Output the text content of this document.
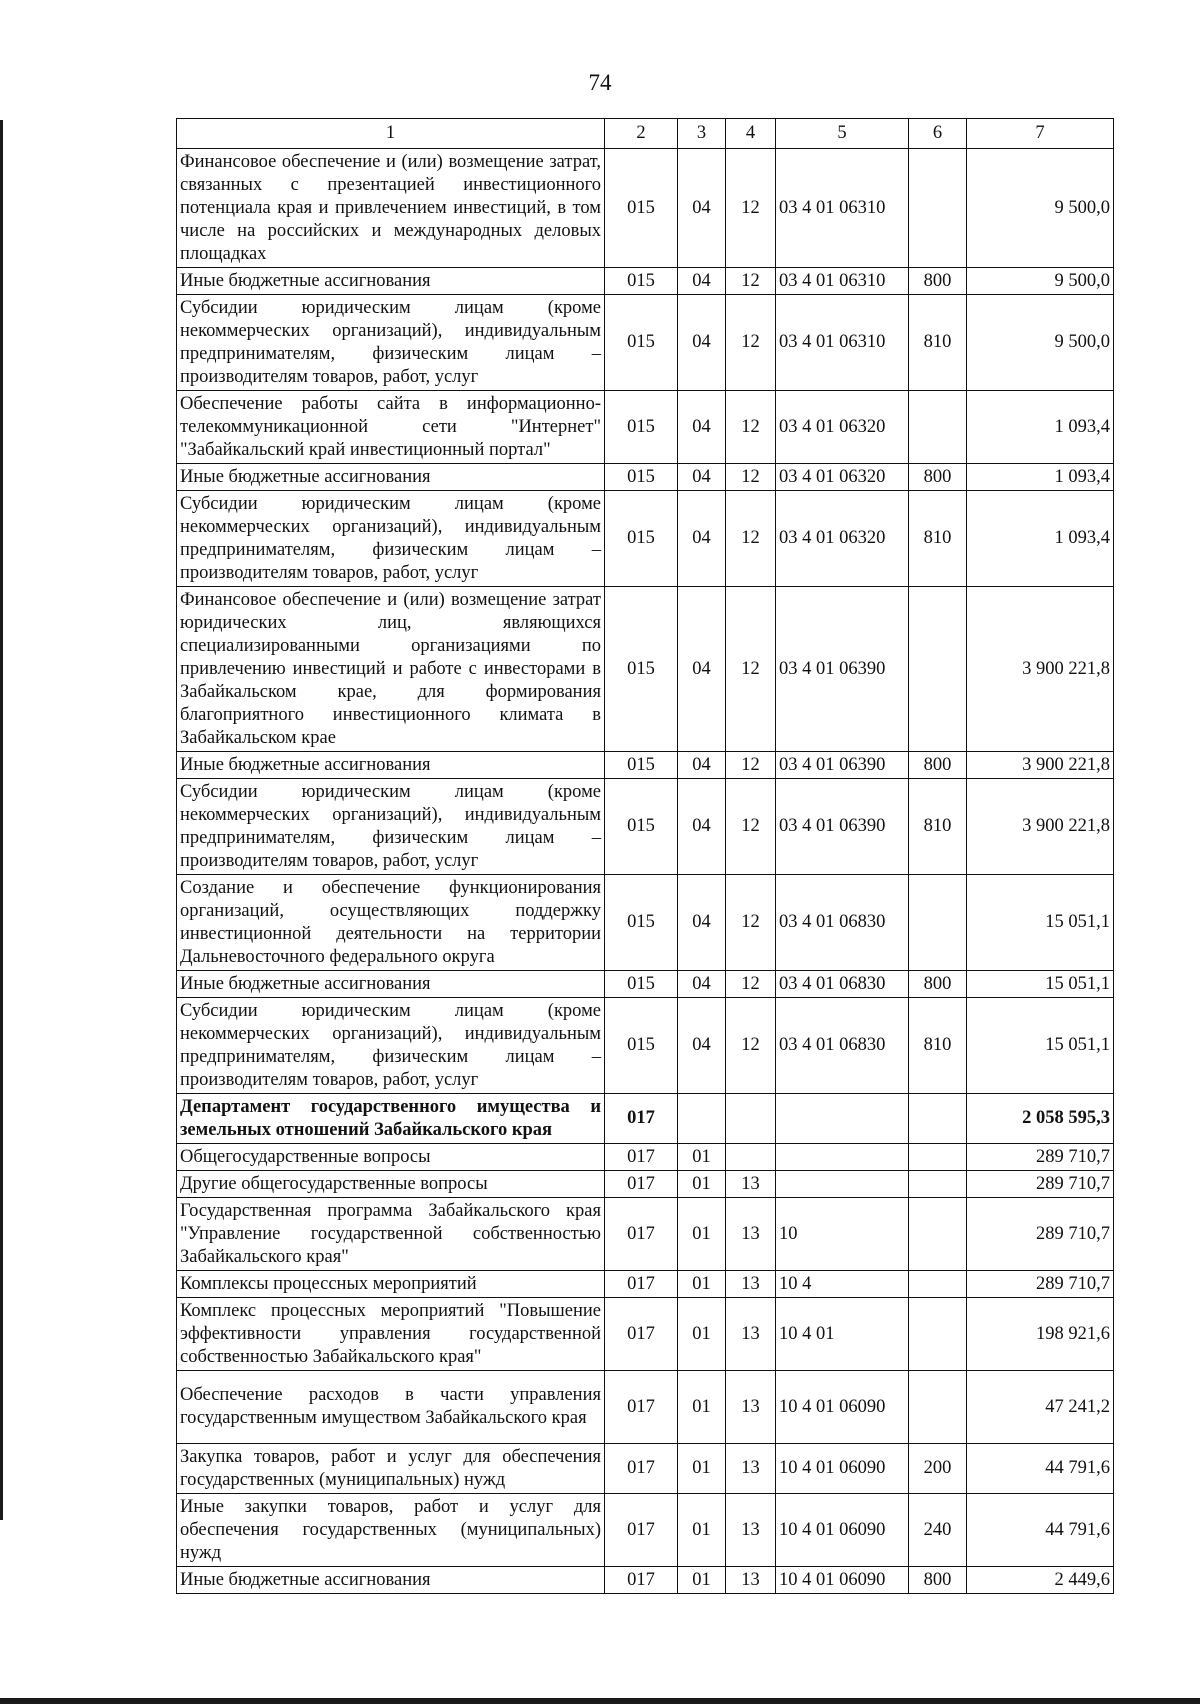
74
1	2	3	4	5	6	7
Финансовое обеспечение и (или) возмещение затрат, связанных с презентацией инвестиционного потенциала края и привлечением инвестиций, в том числе на российских и международных деловых площадках	015	04	12	03 4 01 06310		9 500,0
Иные бюджетные ассигнования	015	04	12	03 4 01 06310	800	9 500,0
Субсидии юридическим лицам (кроме некоммерческих организаций), индивидуальным предпринимателям, физическим лицам – производителям товаров, работ, услуг	015	04	12	03 4 01 06310	810	9 500,0
Обеспечение работы сайта в информационно-телекоммуникационной сети "Интернет" "Забайкальский край инвестиционный портал"	015	04	12	03 4 01 06320		1 093,4
Иные бюджетные ассигнования	015	04	12	03 4 01 06320	800	1 093,4
Субсидии юридическим лицам (кроме некоммерческих организаций), индивидуальным предпринимателям, физическим лицам – производителям товаров, работ, услуг	015	04	12	03 4 01 06320	810	1 093,4
Финансовое обеспечение и (или) возмещение затрат юридических лиц, являющихся специализированными организациями по привлечению инвестиций и работе с инвесторами в Забайкальском крае, для формирования благоприятного инвестиционного климата в Забайкальском крае	015	04	12	03 4 01 06390		3 900 221,8
Иные бюджетные ассигнования	015	04	12	03 4 01 06390	800	3 900 221,8
Субсидии юридическим лицам (кроме некоммерческих организаций), индивидуальным предпринимателям, физическим лицам – производителям товаров, работ, услуг	015	04	12	03 4 01 06390	810	3 900 221,8
Создание и обеспечение функционирования организаций, осуществляющих поддержку инвестиционной деятельности на территории Дальневосточного федерального округа	015	04	12	03 4 01 06830		15 051,1
Иные бюджетные ассигнования	015	04	12	03 4 01 06830	800	15 051,1
Субсидии юридическим лицам (кроме некоммерческих организаций), индивидуальным предпринимателям, физическим лицам – производителям товаров, работ, услуг	015	04	12	03 4 01 06830	810	15 051,1
Департамент государственного имущества и земельных отношений Забайкальского края	017					2 058 595,3
Общегосударственные вопросы	017	01				289 710,7
Другие общегосударственные вопросы	017	01	13			289 710,7
Государственная программа Забайкальского края "Управление государственной собственностью Забайкальского края"	017	01	13	10		289 710,7
Комплексы процессных мероприятий	017	01	13	10 4		289 710,7
Комплекс процессных мероприятий "Повышение эффективности управления государственной собственностью Забайкальского края"	017	01	13	10 4 01		198 921,6
Обеспечение расходов в части управления государственным имуществом Забайкальского края	017	01	13	10 4 01 06090		47 241,2
Закупка товаров, работ и услуг для обеспечения государственных (муниципальных) нужд	017	01	13	10 4 01 06090	200	44 791,6
Иные закупки товаров, работ и услуг для обеспечения государственных (муниципальных) нужд	017	01	13	10 4 01 06090	240	44 791,6
Иные бюджетные ассигнования	017	01	13	10 4 01 06090	800	2 449,6
